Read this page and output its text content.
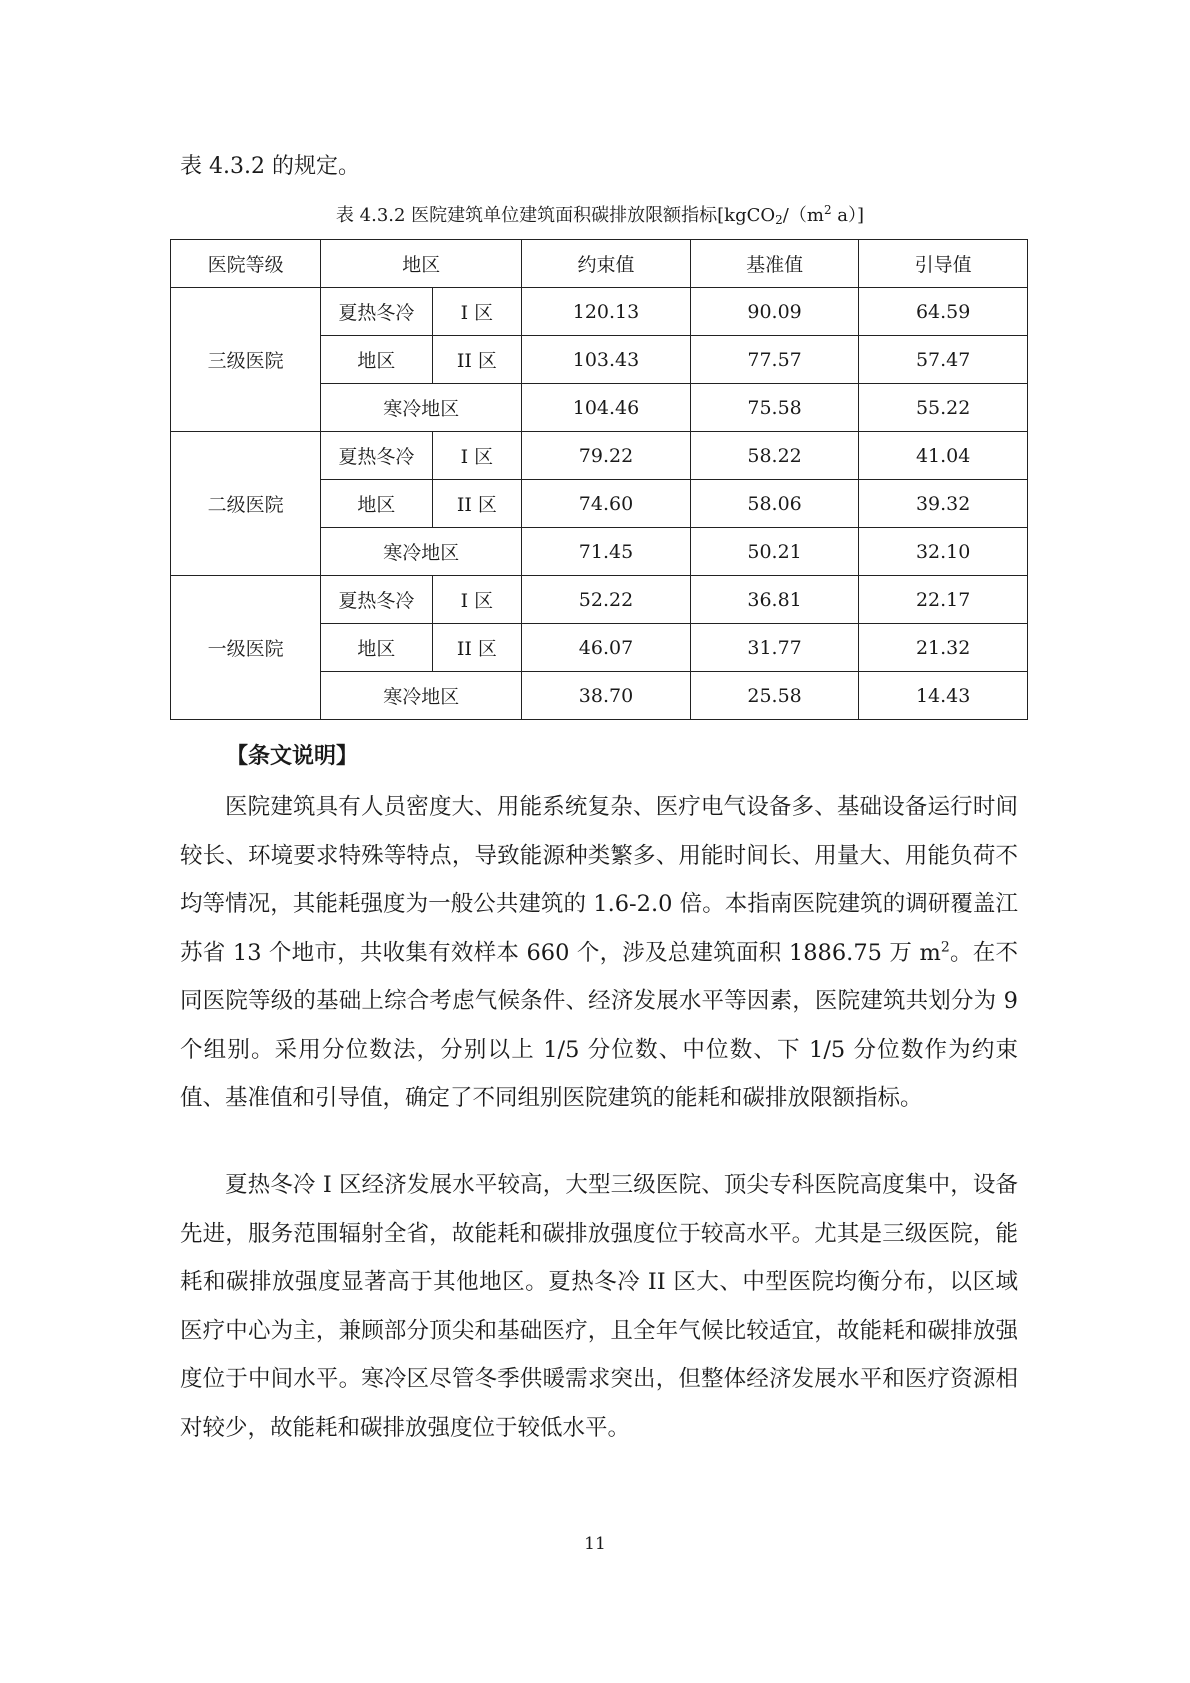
表 4.3.2 的规定。
表 4.3.2 医院建筑单位建筑面积碳排放限额指标[$kgCO_2/(m^2$ a）]
医院等级	地区		约束值	基准值	引导值
三级医院	夏热冬冷	I 区	120.13	90.09	64.59
	地区	II 区	103.43	77.57	57.47
	寒冷地区		104.46	75.58	55.22
二级医院	夏热冬冷	I 区	79.22	58.22	41.04
	地区	II 区	74.60	58.06	39.32
	寒冷地区		71.45	50.21	32.10
一级医院	夏热冬冷	I 区	52.22	36.81	22.17
	地区	II 区	46.07	31.77	21.32
	寒冷地区		38.70	25.58	14.43
【条文说明】

医院建筑具有人员密度大、用能系统复杂、医疗电气设备多、基础设备运行时间较长、环境要求特殊等特点，导致能源种类繁多、用能时间长、用量大、用能负荷不均等情况，其能耗强度为一般公共建筑的 1.6-2.0 倍。本指南医院建筑的调研覆盖江苏省 13 个地市，共收集有效样本 660 个，涉及总建筑面积 1886.75 万 $m^2$。在不同医院等级的基础上综合考虑气候条件、经济发展水平等因素，医院建筑共划分为 9 个组别。采用分位数法，分别以上 1/5 分位数、中位数、下 1/5 分位数作为约束值、基准值和引导值，确定了不同组别医院建筑的能耗和碳排放限额指标。

夏热冬冷 I 区经济发展水平较高，大型三级医院、顶尖专科医院高度集中，设备先进，服务范围辐射全省，故能耗和碳排放强度位于较高水平。尤其是三级医院，能耗和碳排放强度显著高于其他地区。夏热冬冷 II 区大、中型医院均衡分布，以区域医疗中心为主，兼顾部分顶尖和基础医疗，且全年气候比较适宜，故能耗和碳排放强度位于中间水平。寒冷区尽管冬季供暖需求突出，但整体经济发展水平和医疗资源相对较少，故能耗和碳排放强度位于较低水平。

11
